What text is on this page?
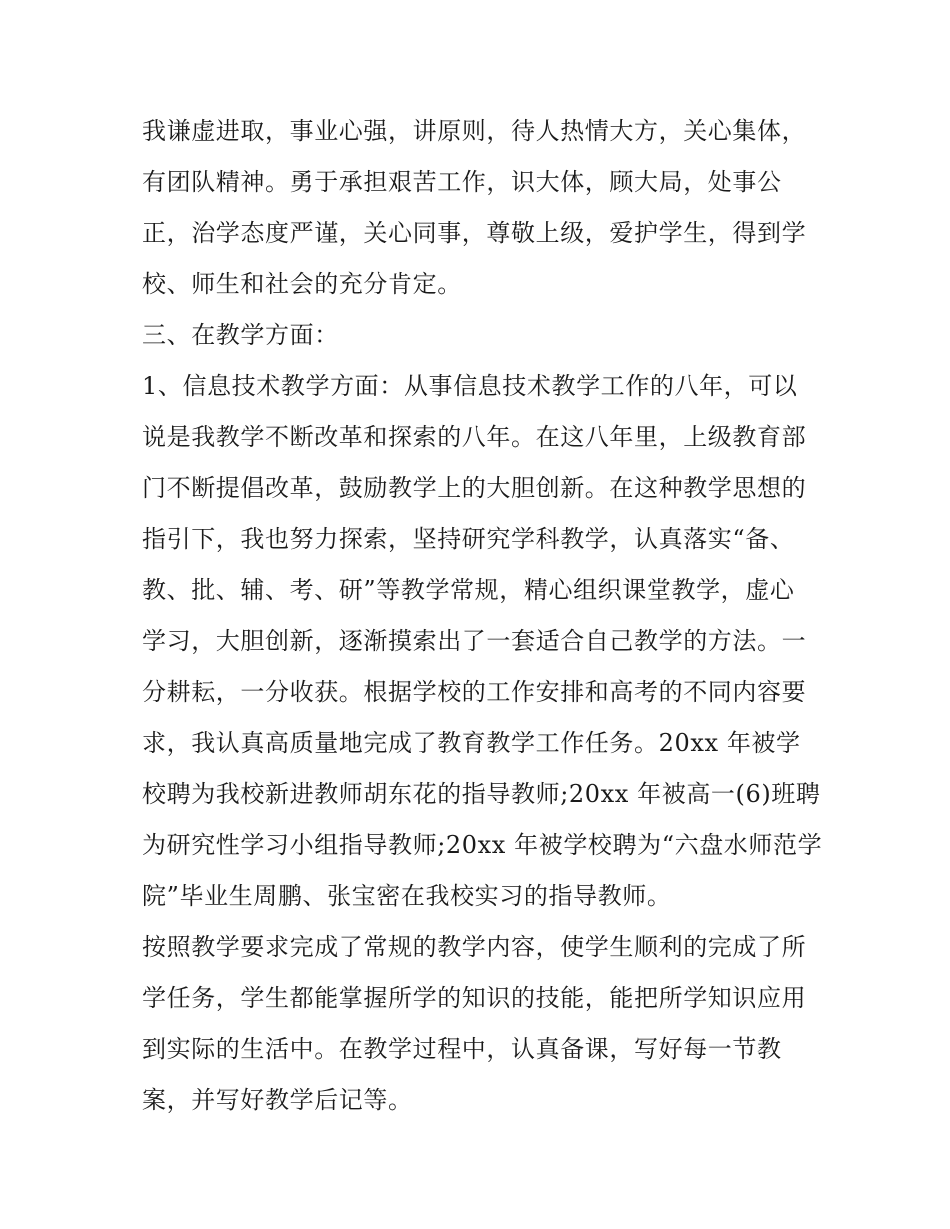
我谦虚进取，事业心强，讲原则，待人热情大方，关心集体，
有团队精神。勇于承担艰苦工作，识大体，顾大局，处事公
正，治学态度严谨，关心同事，尊敬上级，爱护学生，得到学
校、师生和社会的充分肯定。
三、在教学方面：
1、信息技术教学方面：从事信息技术教学工作的八年，可以
说是我教学不断改革和探索的八年。在这八年里，上级教育部
门不断提倡改革，鼓励教学上的大胆创新。在这种教学思想的
指引下，我也努力探索，坚持研究学科教学，认真落实“备、
教、批、辅、考、研”等教学常规，精心组织课堂教学，虚心
学习，大胆创新，逐渐摸索出了一套适合自己教学的方法。一
分耕耘，一分收获。根据学校的工作安排和高考的不同内容要
求，我认真高质量地完成了教育教学工作任务。20xx 年被学
校聘为我校新进教师胡东花的指导教师;20xx 年被高一(6)班聘
为研究性学习小组指导教师;20xx 年被学校聘为“六盘水师范学
院”毕业生周鹏、张宝密在我校实习的指导教师。
按照教学要求完成了常规的教学内容，使学生顺利的完成了所
学任务，学生都能掌握所学的知识的技能，能把所学知识应用
到实际的生活中。在教学过程中，认真备课，写好每一节教
案，并写好教学后记等。
